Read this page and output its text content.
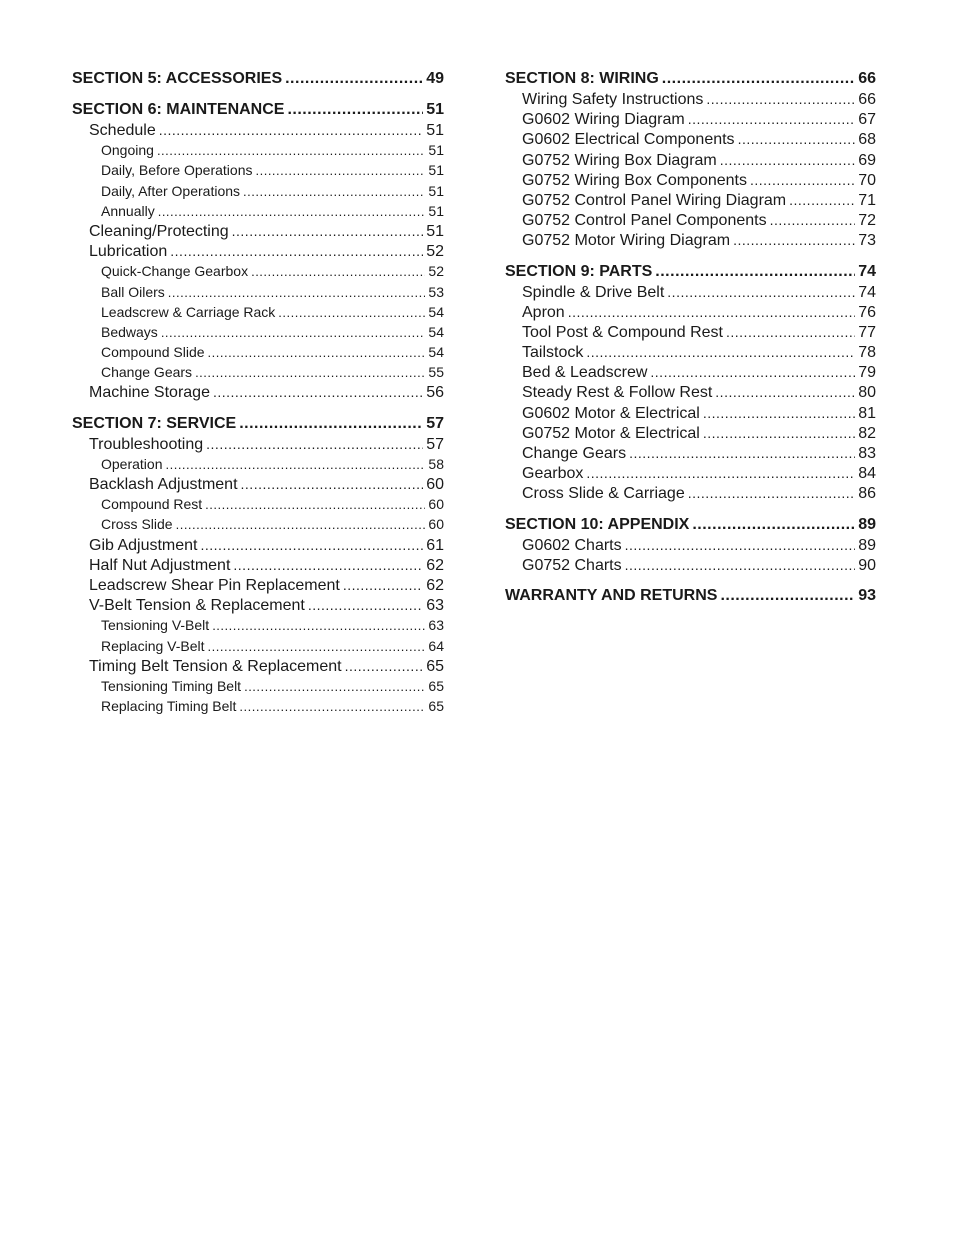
SECTION 5: ACCESSORIES .....	49
SECTION 6: MAINTENANCE .....	51
Schedule .....	51
Ongoing .....	51
Daily, Before Operations .....	51
Daily, After Operations .....	51
Annually .....	51
Cleaning/Protecting .....	51
Lubrication .....	52
Quick-Change Gearbox .....	52
Ball Oilers .....	53
Leadscrew & Carriage Rack .....	54
Bedways .....	54
Compound Slide .....	54
Change Gears .....	55
Machine Storage .....	56
SECTION 7: SERVICE .....	57
Troubleshooting .....	57
Operation .....	58
Backlash Adjustment .....	60
Compound Rest .....	60
Cross Slide .....	60
Gib Adjustment .....	61
Half Nut Adjustment .....	62
Leadscrew Shear Pin Replacement .....	62
V-Belt Tension & Replacement .....	63
Tensioning V-Belt .....	63
Replacing V-Belt .....	64
Timing Belt Tension & Replacement .....	65
Tensioning Timing Belt .....	65
Replacing Timing Belt .....	65
SECTION 8: WIRING .....	66
Wiring Safety Instructions .....	66
G0602 Wiring Diagram .....	67
G0602 Electrical Components .....	68
G0752 Wiring Box Diagram .....	69
G0752 Wiring Box Components .....	70
G0752 Control Panel Wiring Diagram .....	71
G0752 Control Panel Components .....	72
G0752 Motor Wiring Diagram .....	73
SECTION 9: PARTS .....	74
Spindle & Drive Belt .....	74
Apron .....	76
Tool Post & Compound Rest .....	77
Tailstock .....	78
Bed & Leadscrew .....	79
Steady Rest & Follow Rest .....	80
G0602 Motor & Electrical .....	81
G0752 Motor & Electrical .....	82
Change Gears .....	83
Gearbox .....	84
Cross Slide & Carriage .....	86
SECTION 10: APPENDIX .....	89
G0602 Charts .....	89
G0752 Charts .....	90
WARRANTY AND RETURNS .....	93
